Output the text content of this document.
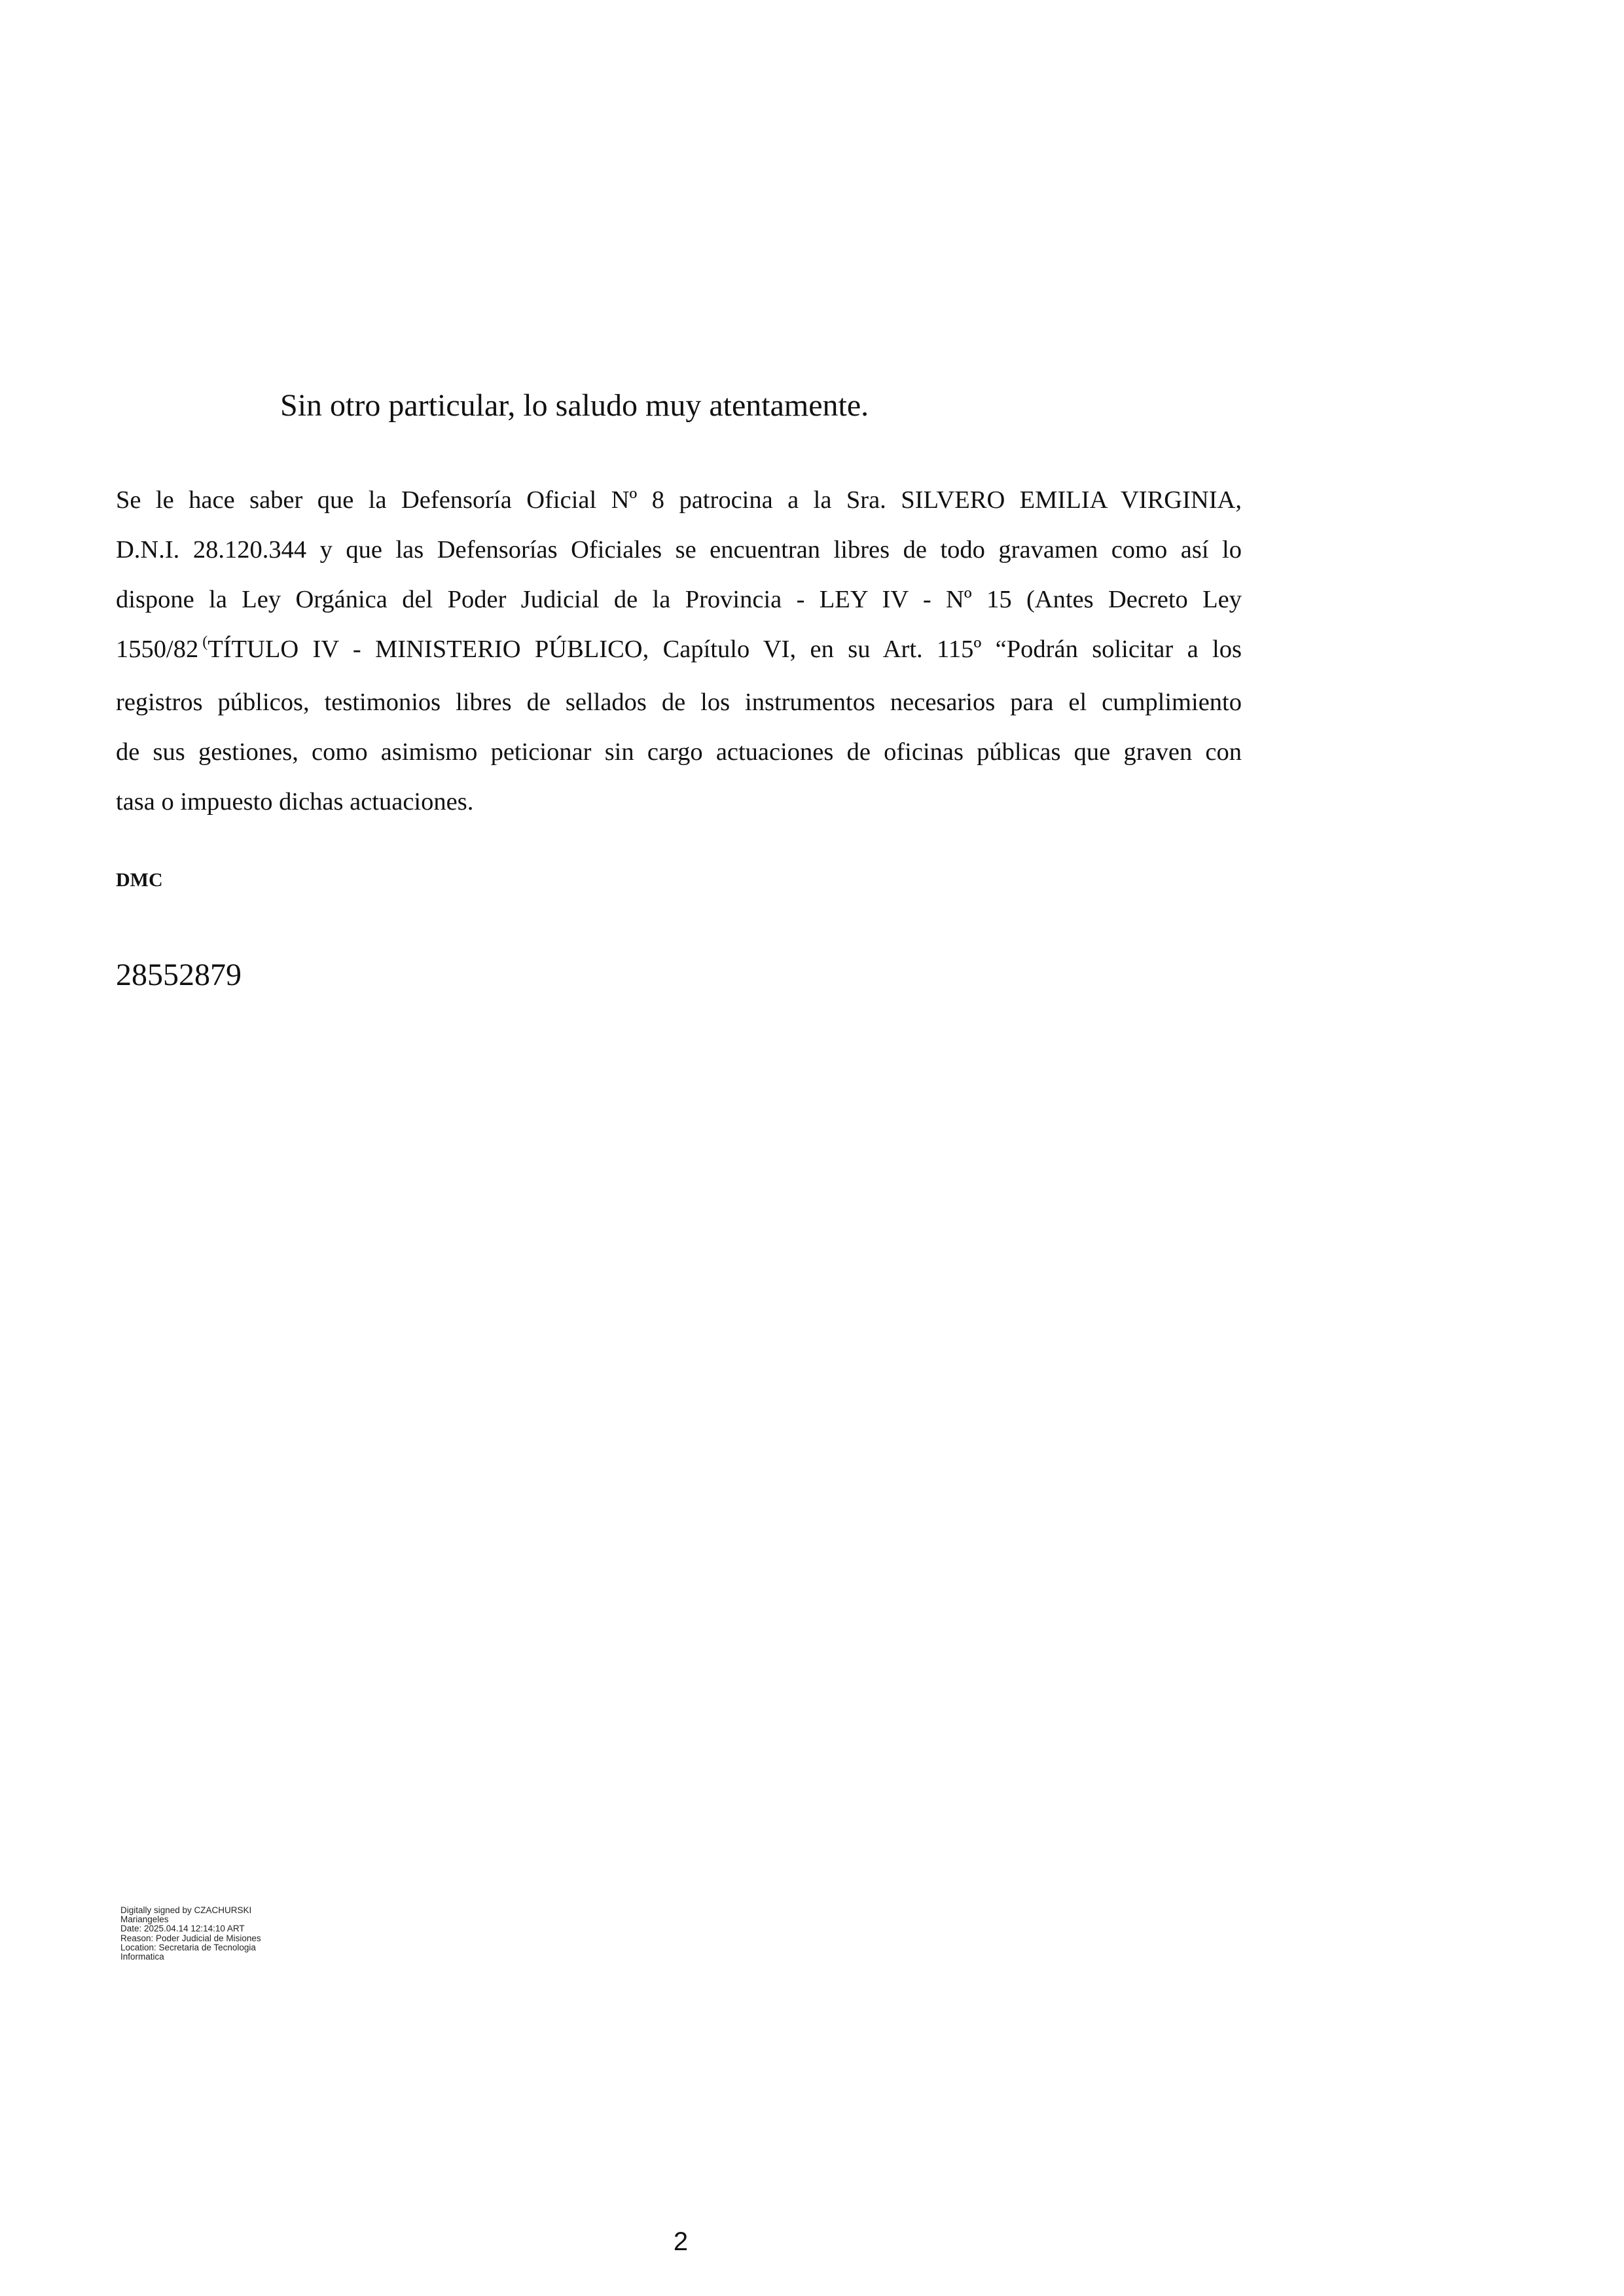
Sin otro particular, lo saludo muy atentamente.
Se le hace saber que la Defensoría Oficial Nº 8 patrocina a la Sra. SILVERO EMILIA VIRGINIA,
D.N.I. 28.120.344 y que las Defensorías Oficiales se encuentran libres de todo gravamen como así lo
dispone la Ley Orgánica del Poder Judicial de la Provincia - LEY IV - Nº 15 (Antes Decreto Ley
1550/82 (TÍTULO IV - MINISTERIO PÚBLICO, Capítulo VI, en su Art. 115º “Podrán solicitar a los
registros públicos, testimonios libres de sellados de los instrumentos necesarios para el cumplimiento
de sus gestiones, como asimismo peticionar sin cargo actuaciones de oficinas públicas que graven con
tasa o impuesto dichas actuaciones.
DMC
28552879
Digitally signed by CZACHURSKI
Mariangeles
Date: 2025.04.14 12:14:10 ART
Reason: Poder Judicial de Misiones
Location: Secretaria de Tecnologia
Informatica
2
